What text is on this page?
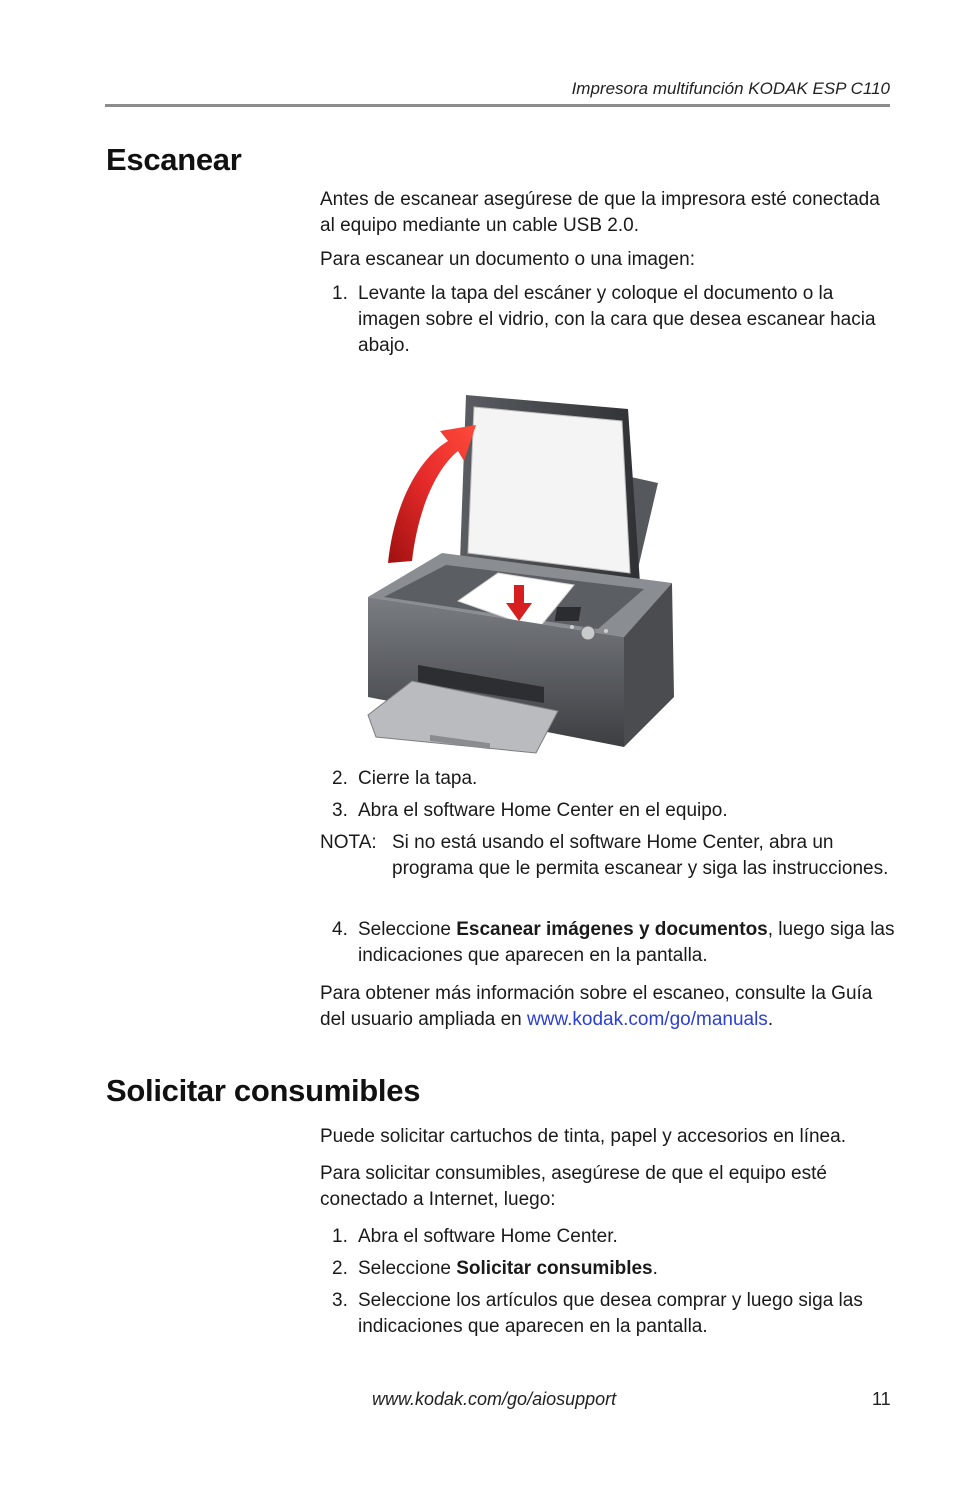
Impresora multifunción KODAK ESP C110
Escanear

Antes de escanear asegúrese de que la impresora esté conectada al equipo mediante un cable USB 2.0.

Para escanear un documento o una imagen:

1. Levante la tapa del escáner y coloque el documento o la imagen sobre el vidrio, con la cara que desea escanear hacia abajo.
2. Cierre la tapa.
3. Abra el software Home Center en el equipo.
NOTA: Si no está usando el software Home Center, abra un programa que le permita escanear y siga las instrucciones.
4. Seleccione Escanear imágenes y documentos, luego siga las indicaciones que aparecen en la pantalla.

Para obtener más información sobre el escaneo, consulte la Guía del usuario ampliada en www.kodak.com/go/manuals.

Solicitar consumibles

Puede solicitar cartuchos de tinta, papel y accesorios en línea.

Para solicitar consumibles, asegúrese de que el equipo esté conectado a Internet, luego:

1. Abra el software Home Center.
2. Seleccione Solicitar consumibles.
3. Seleccione los artículos que desea comprar y luego siga las indicaciones que aparecen en la pantalla.
www.kodak.com/go/aiosupport	11
